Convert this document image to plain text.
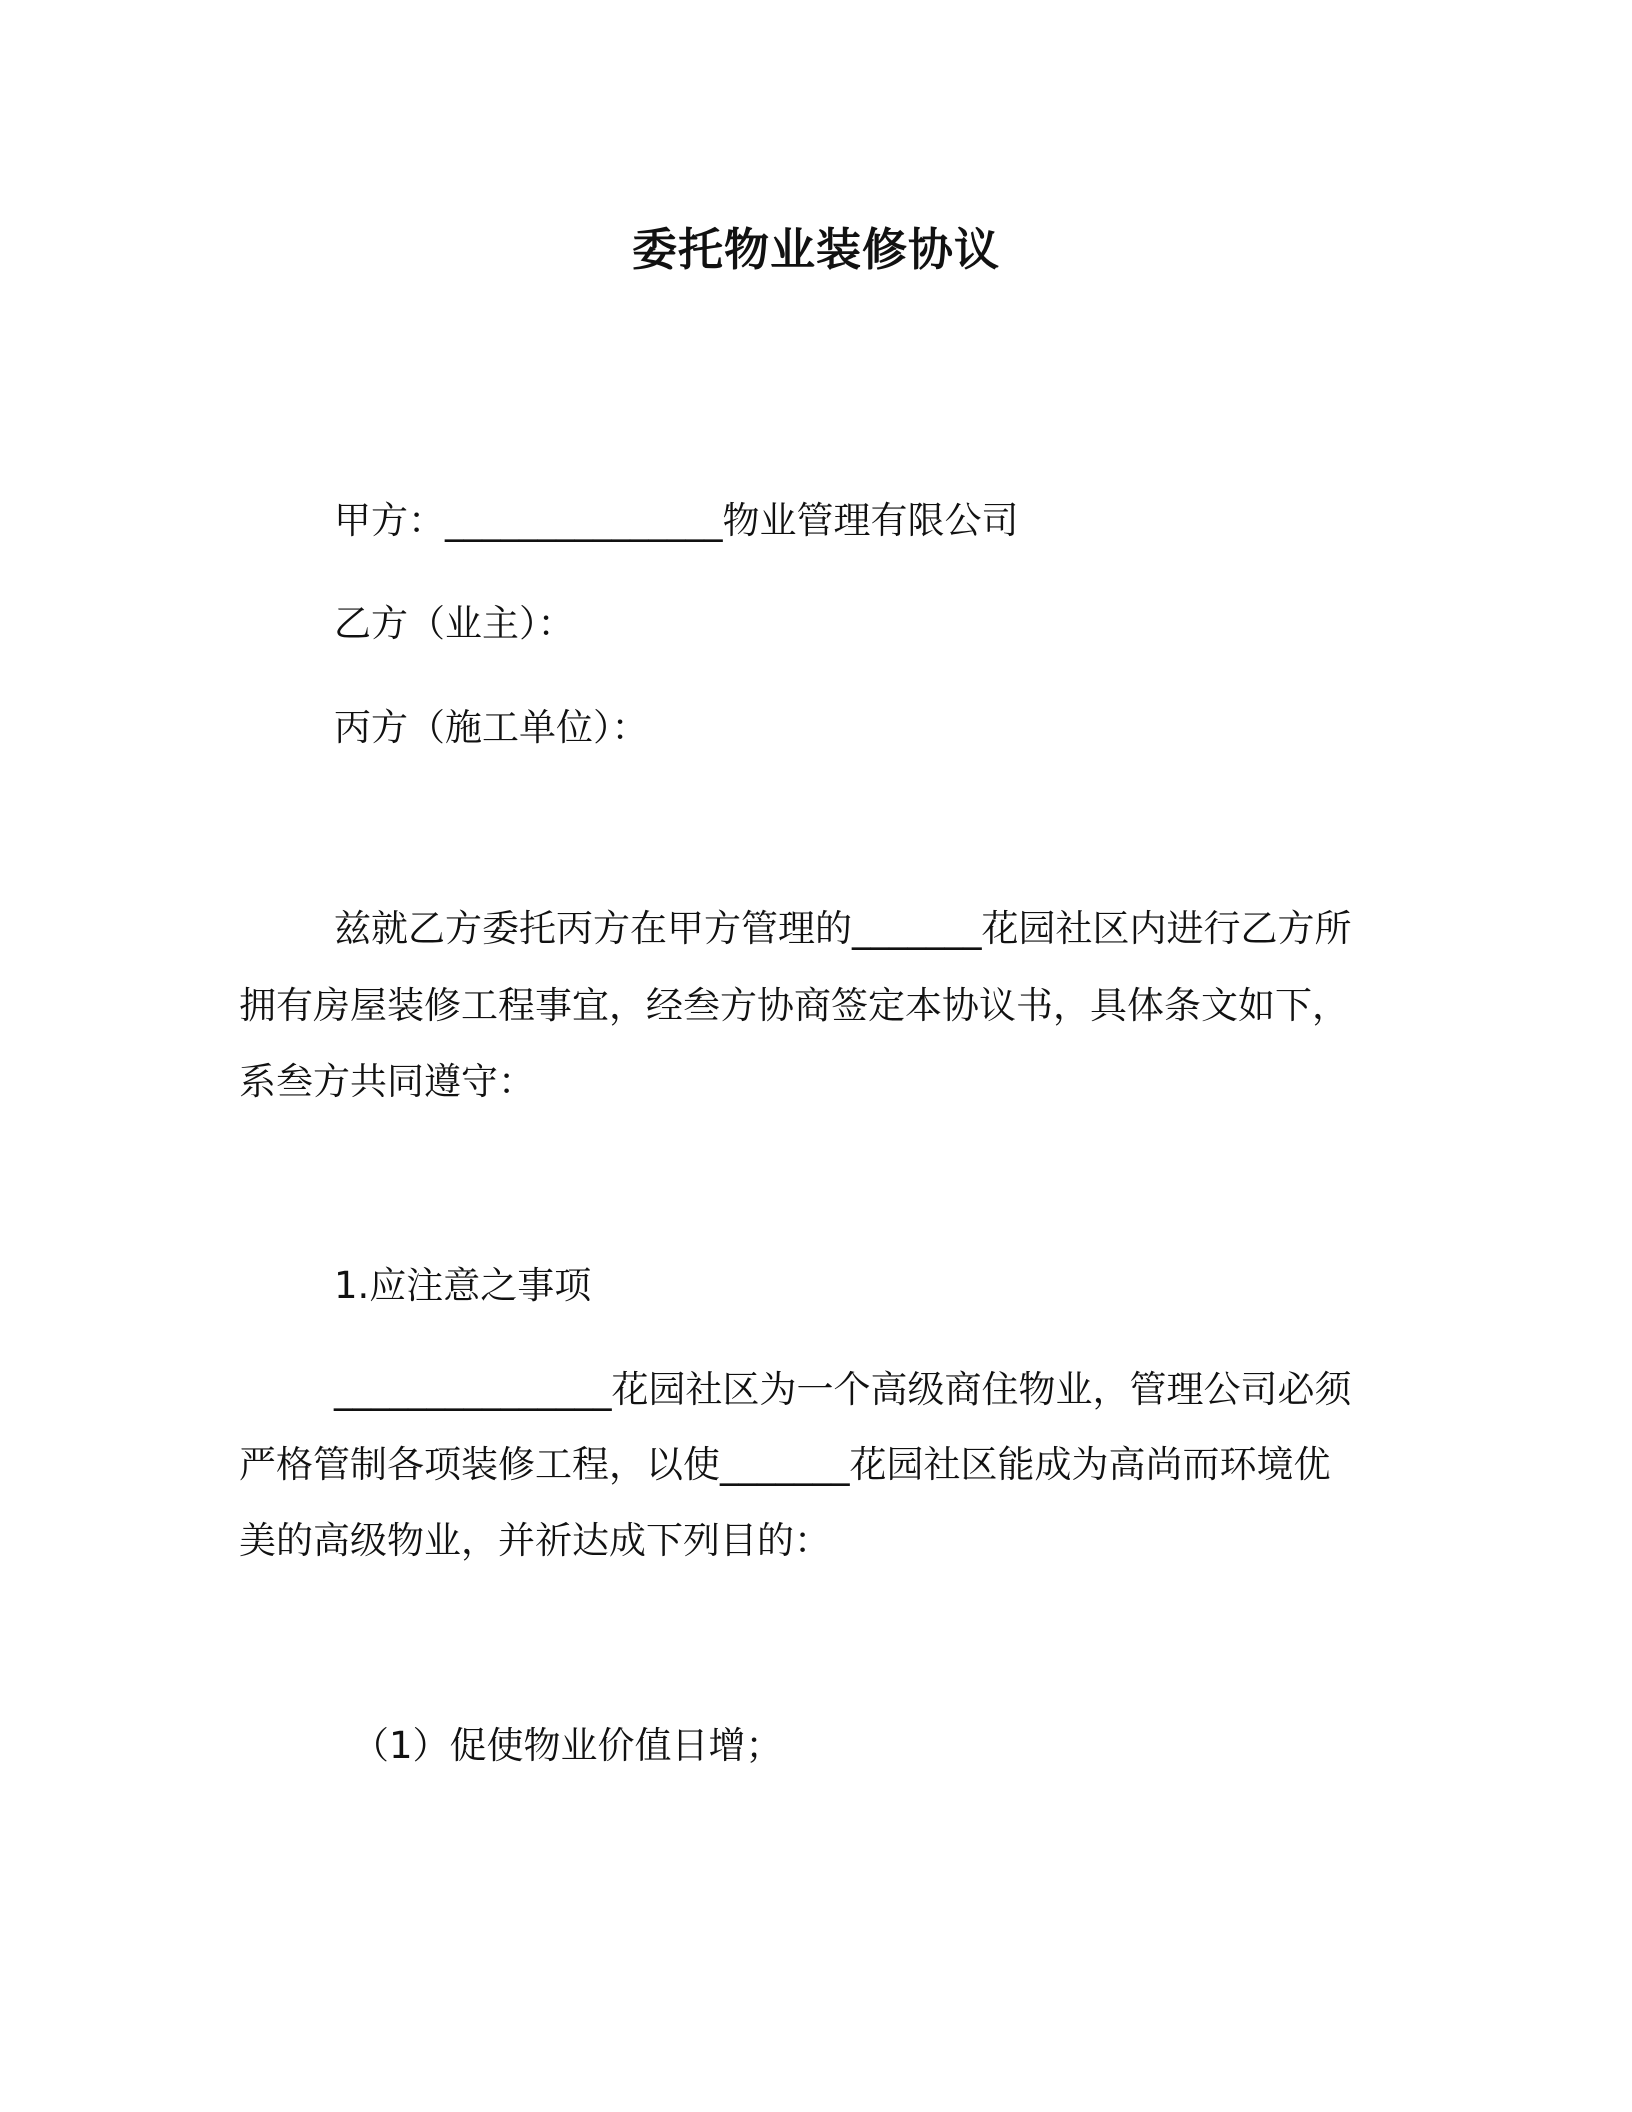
委托物业装修协议
甲方：_______________物业管理有限公司
乙方（业主）：
丙方（施工单位）：
兹就乙方委托丙方在甲方管理的_______花园社区内进行乙方所
拥有房屋装修工程事宜，经叁方协商签定本协议书，具体条文如下，
系叁方共同遵守：
1.应注意之事项
_______________花园社区为一个高级商住物业，管理公司必须
严格管制各项装修工程，以使_______花园社区能成为高尚而环境优
美的高级物业，并祈达成下列目的：
（1）促使物业价值日增；
